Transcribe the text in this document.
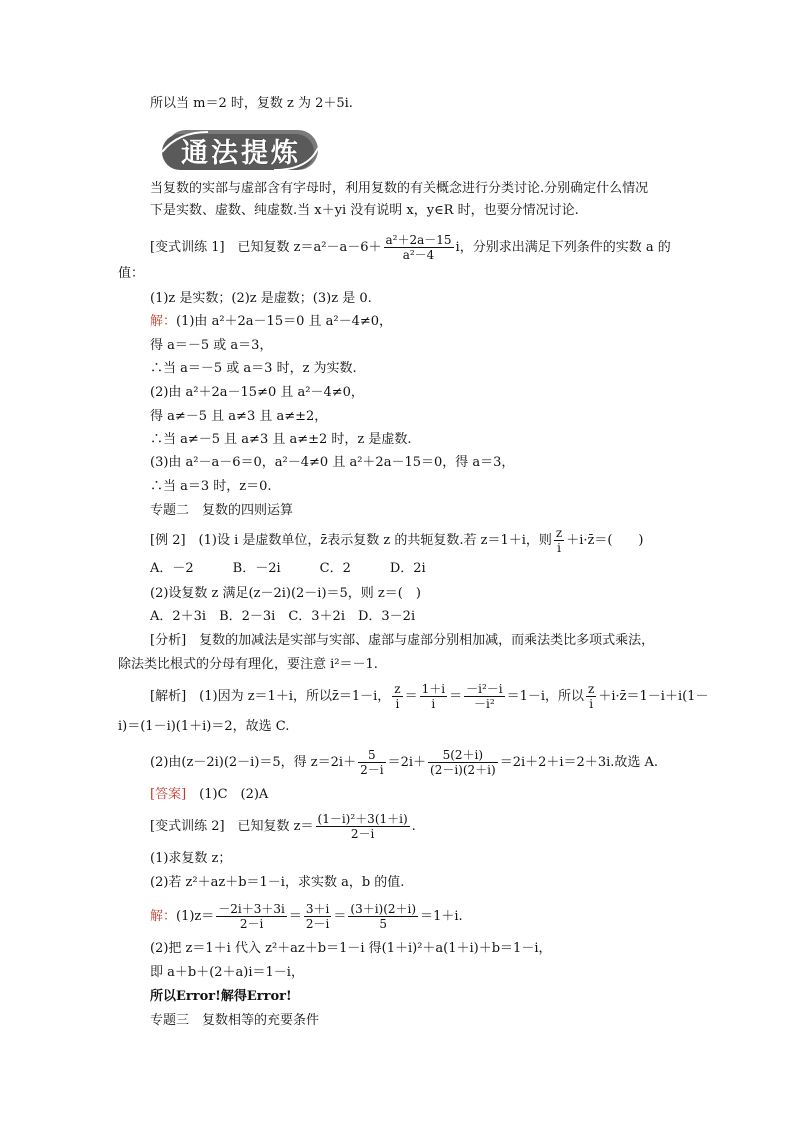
所以当 m＝2 时，复数 z 为 2＋5i.
通法提炼
当复数的实部与虚部含有字母时，利用复数的有关概念进行分类讨论.分别确定什么情况
下是实数、虚数、纯虚数.当 x＋yi 没有说明 x，y∈R 时，也要分情况讨论.
[变式训练 1]　已知复数 $z=a^2-a-6+ \frac{\text{a²＋2a－15}}{\text{a²－4}}$ i，分别求出满足下列条件的实数 a 的
值：
(1)z 是实数；(2)z 是虚数；(3)z 是 0.
解：(1)由 a²＋2a－15＝0 且 a²－4≠0，
得 a＝－5 或 a＝3，
∴当 a＝－5 或 a＝3 时，z 为实数.
(2)由 a²＋2a－15≠0 且 a²－4≠0，
得 a≠－5 且 a≠3 且 a≠±2，
∴当 a≠－5 且 a≠3 且 a≠±2 时，z 是虚数.
(3)由 a²－a－6＝0，a²－4≠0 且 a²＋2a－15＝0，得 a＝3，
∴当 a＝3 时，z＝0.
专题二　复数的四则运算
[例 2]　(1)设 i 是虚数单位，z̄表示复数 z 的共轭复数.若 z＝1＋i，则 $\frac{z}{i}$ ＋i·z̄＝(　　)
A．－2　　　B．－2i　　　C．2　　　D．2i
(2)设复数 z 满足(z－2i)(2－i)＝5，则 z＝(　)
A．2＋3i　B．2－3i　C．3＋2i　D．3－2i
[分析]　复数的加减法是实部与实部、虚部与虚部分别相加减，而乘法类比多项式乘法，
除法类比根式的分母有理化，要注意 i²＝－1.
[解析]　(1)因为 z＝1＋i，所以z̄＝1－i， $\frac{z}{i} = \frac{1+i}{i} = \frac{\text{－i²－i}}{\text{－i²}} =1-i$，所以 $\frac{z}{i}$ ＋i·z̄＝1－i＋i(1－
i)＝(1－i)(1＋i)＝2，故选 C.
(2)由(z－2i)(2－i)＝5，得 $z=2i+ \frac{5}{2-i} =2i+ \frac{5(2+i)}{(2-i)(2+i)} =2i+2+i=2+3i$.故选 A.
[答案]　(1)C　(2)A
[变式训练 2]　已知复数 $z= \frac{\text{(1－i)²＋3(1＋i)}}{2-i}$ .
(1)求复数 z；
(2)若 z²＋az＋b＝1－i，求实数 a，b 的值.
解：$(1)z= \frac{-2i+3+3i}{2-i} = \frac{3+i}{2-i} = \frac{(3+i)(2+i)}{5} =1+i$.
(2)把 z＝1＋i 代入 z²＋az＋b＝1－i 得(1＋i)²＋a(1＋i)＋b＝1－i，
即 a＋b＋(2＋a)i＝1－i，
所以Error!解得Error!
专题三　复数相等的充要条件
